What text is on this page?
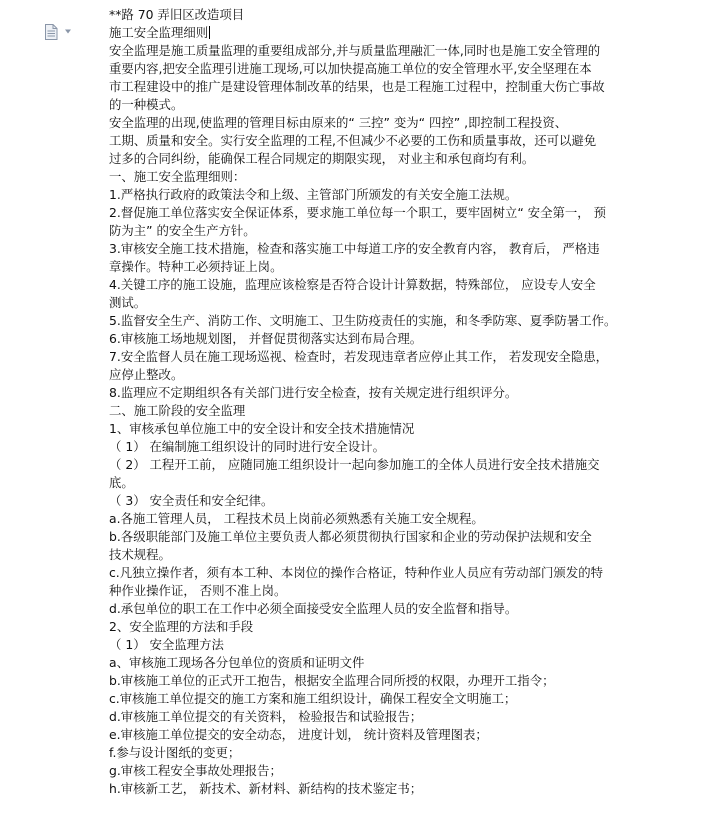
**路 70 弄旧区改造项目
施工安全监理细则
安全监理是施工质量监理的重要组成部分,并与质量监理融汇一体,同时也是施工安全管理的
重要内容,把安全监理引进施工现场,可以加快提高施工单位的安全管理水平,安全坚理在本
市工程建设中的推广是建设管理体制改革的结果，也是工程施工过程中，控制重大伤亡事故
的一种模式。
安全监理的出现,使监理的管理目标由原来的“ 三控” 变为“ 四控” ,即控制工程投资、
工期、质量和安全。实行安全监理的工程,不但减少不必要的工伤和质量事故，还可以避免
过多的合同纠纷，能确保工程合同规定的期限实现， 对业主和承包商均有利。
一、施工安全监理细则：
1.严格执行政府的政策法令和上级、主管部门所颁发的有关安全施工法规。
2.督促施工单位落实安全保证体系，要求施工单位每一个职工，要牢固树立“ 安全第一， 预
防为主” 的安全生产方针。
3.审核安全施工技术措施，检查和落实施工中每道工序的安全教育内容， 教育后， 严格违
章操作。特种工必须持证上岗。
4.关键工序的施工设施，监理应该检察是否符合设计计算数据，特殊部位， 应设专人安全
测试。
5.监督安全生产、消防工作、文明施工、卫生防疫责任的实施，和冬季防寒、夏季防暑工作。
6.审核施工场地规划图， 并督促贯彻落实达到布局合理。
7.安全监督人员在施工现场巡视、检查时，若发现违章者应停止其工作， 若发现安全隐患，
应停止整改。
8.监理应不定期组织各有关部门进行安全检查，按有关规定进行组织评分。
二、施工阶段的安全监理
1、审核承包单位施工中的安全设计和安全技术措施情况
（ 1） 在编制施工组织设计的同时进行安全设计。
（ 2） 工程开工前， 应随同施工组织设计一起向参加施工的全体人员进行安全技术措施交
底。
（ 3） 安全责任和安全纪律。
a.各施工管理人员， 工程技术员上岗前必须熟悉有关施工安全规程。
b.各级职能部门及施工单位主要负责人都必须贯彻执行国家和企业的劳动保护法规和安全
技术规程。
c.凡独立操作者，须有本工种、本岗位的操作合格证，特种作业人员应有劳动部门颁发的特
种作业操作证， 否则不准上岗。
d.承包单位的职工在工作中必须全面接受安全监理人员的安全监督和指导。
2、安全监理的方法和手段
（ 1） 安全监理方法
a、审核施工现场各分包单位的资质和证明文件
b.审核施工单位的正式开工抱告，根据安全监理合同所授的权限，办理开工指令；
c.审核施工单位提交的施工方案和施工组织设计，确保工程安全文明施工；
d.审核施工单位提交的有关资料， 检验报告和试验报告；
e.审核施工单位提交的安全动态， 进度计划， 统计资料及管理图表；
f.参与设计图纸的变更；
g.审核工程安全事故处理报告；
h.审核新工艺， 新技术、新材料、新结构的技术鉴定书；
